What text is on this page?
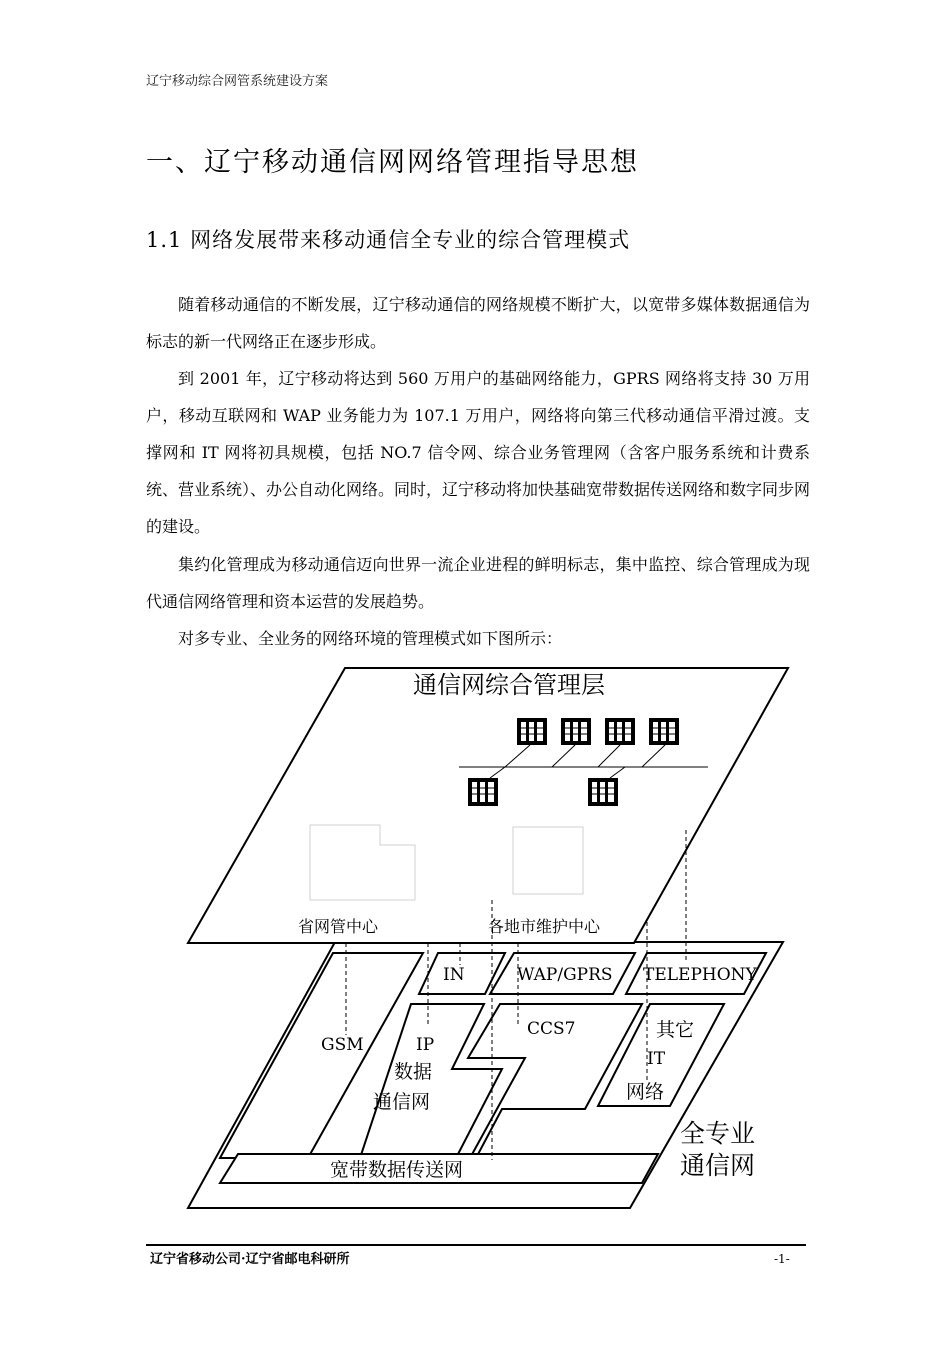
辽宁移动综合网管系统建设方案
一、辽宁移动通信网网络管理指导思想
1.1 网络发展带来移动通信全专业的综合管理模式

随着移动通信的不断发展，辽宁移动通信的网络规模不断扩大，以宽带多媒体数据通信为标志的新一代网络正在逐步形成。

到 2001 年，辽宁移动将达到 560 万用户的基础网络能力，GPRS 网络将支持 30 万用户，移动互联网和 WAP 业务能力为 107.1 万用户，网络将向第三代移动通信平滑过渡。支撑网和 IT 网将初具规模，包括 NO.7 信令网、综合业务管理网（含客户服务系统和计费系统、营业系统）、办公自动化网络。同时，辽宁移动将加快基础宽带数据传送网络和数字同步网的建设。

集约化管理成为移动通信迈向世界一流企业进程的鲜明标志，集中监控、综合管理成为现代通信网络管理和资本运营的发展趋势。

对多专业、全业务的网络环境的管理模式如下图所示：

通信网综合管理层
省网管中心	各地市维护中心
IN	WAP/GPRS TELEPHONY
GSM	IP
数据
通信网
CCS7	其它
IT
网络
宽带数据传送网
全专业
通信网
辽宁省移动公司·辽宁省邮电科研所	-1-
